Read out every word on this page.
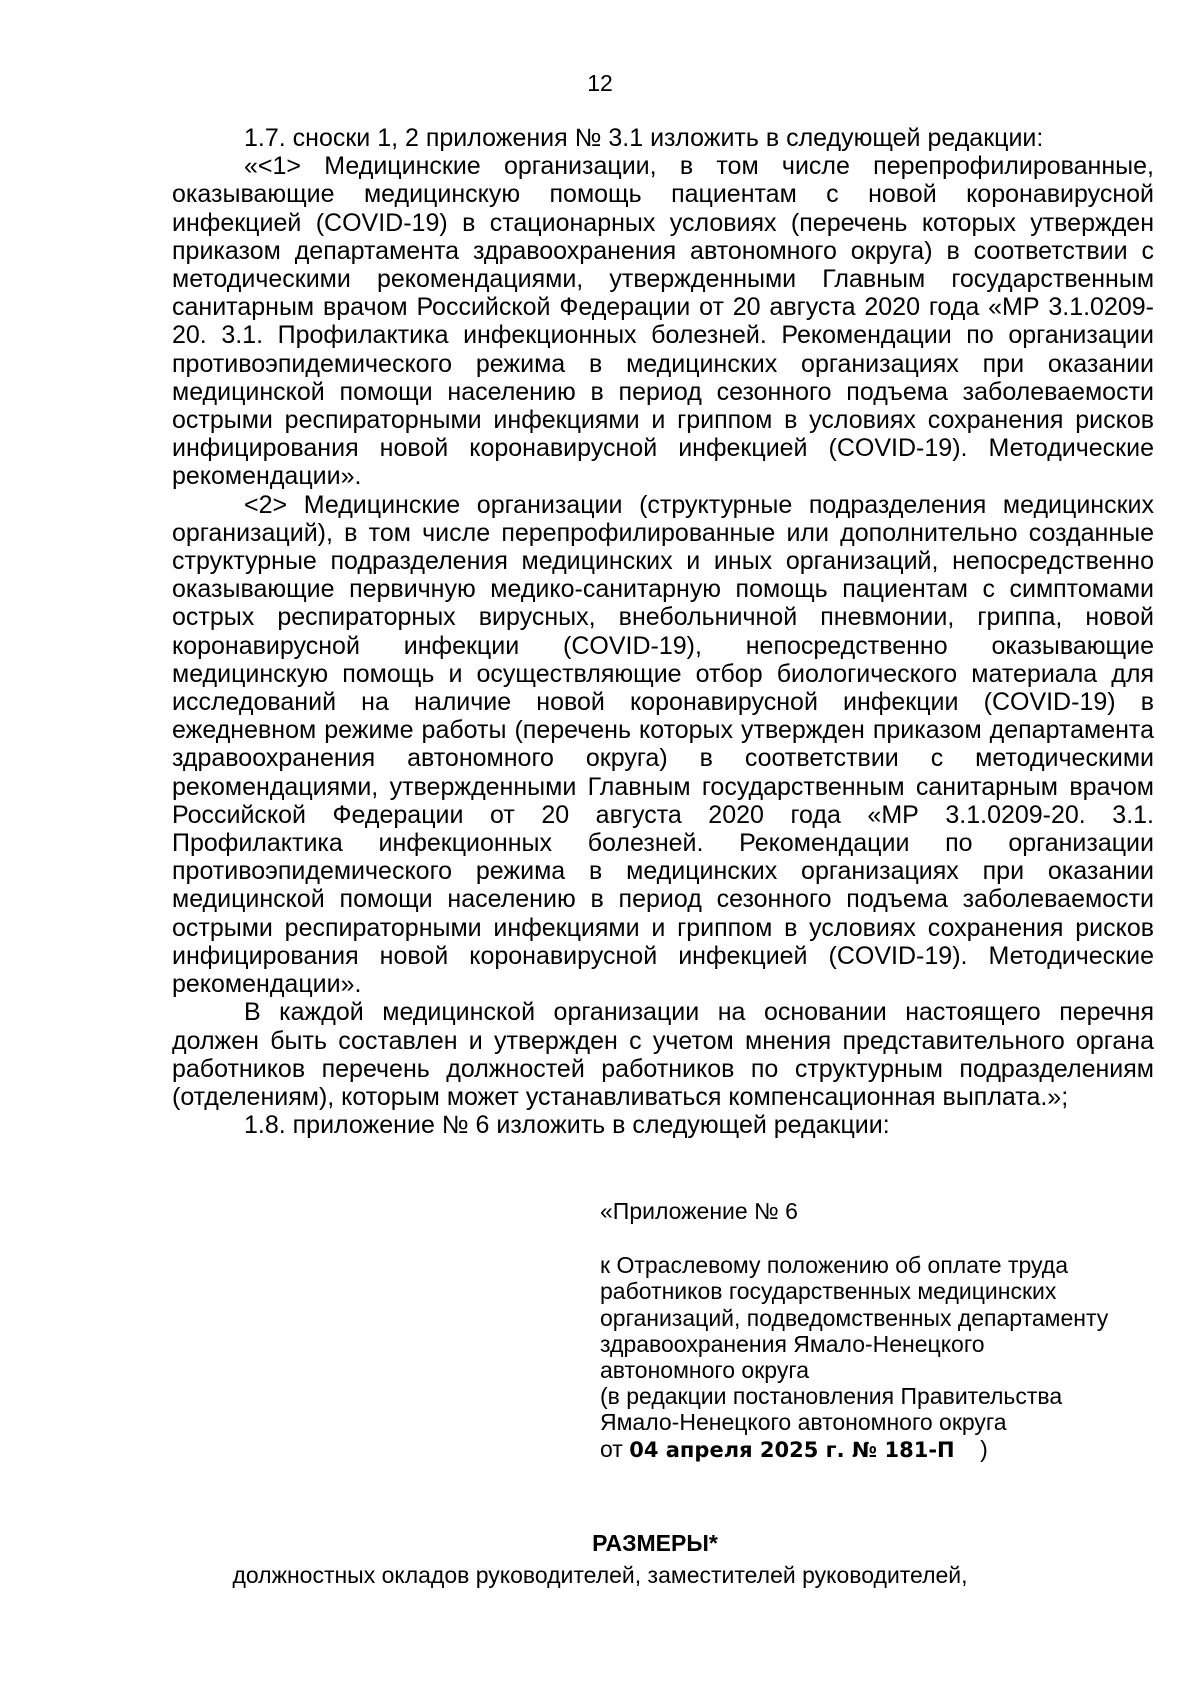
12

1.7. сноски 1, 2 приложения № 3.1 изложить в следующей редакции:

«<1> Медицинские организации, в том числе перепрофилированные, оказывающие медицинскую помощь пациентам с новой коронавирусной инфекцией (COVID-19) в стационарных условиях (перечень которых утвержден приказом департамента здравоохранения автономного округа) в соответствии с методическими рекомендациями, утвержденными Главным государственным санитарным врачом Российской Федерации от 20 августа 2020 года «МР 3.1.0209-20. 3.1. Профилактика инфекционных болезней. Рекомендации по организации противоэпидемического режима в медицинских организациях при оказании медицинской помощи населению в период сезонного подъема заболеваемости острыми респираторными инфекциями и гриппом в условиях сохранения рисков инфицирования новой коронавирусной инфекцией (COVID-19). Методические рекомендации».

<2> Медицинские организации (структурные подразделения медицинских организаций), в том числе перепрофилированные или дополнительно созданные структурные подразделения медицинских и иных организаций, непосредственно оказывающие первичную медико-санитарную помощь пациентам с симптомами острых респираторных вирусных, внебольничной пневмонии, гриппа, новой коронавирусной инфекции (COVID-19), непосредственно оказывающие медицинскую помощь и осуществляющие отбор биологического материала для исследований на наличие новой коронавирусной инфекции (COVID-19) в ежедневном режиме работы (перечень которых утвержден приказом департамента здравоохранения автономного округа) в соответствии с методическими рекомендациями, утвержденными Главным государственным санитарным врачом Российской Федерации от 20 августа 2020 года «МР 3.1.0209-20. 3.1. Профилактика инфекционных болезней. Рекомендации по организации противоэпидемического режима в медицинских организациях при оказании медицинской помощи населению в период сезонного подъема заболеваемости острыми респираторными инфекциями и гриппом в условиях сохранения рисков инфицирования новой коронавирусной инфекцией (COVID-19). Методические рекомендации».

В каждой медицинской организации на основании настоящего перечня должен быть составлен и утвержден с учетом мнения представительного органа работников перечень должностей работников по структурным подразделениям (отделениям), которым может устанавливаться компенсационная выплата.»;

1.8. приложение № 6 изложить в следующей редакции:

«Приложение № 6

к Отраслевому положению об оплате труда

работников государственных медицинских

организаций, подведомственных департаменту

здравоохранения Ямало-Ненецкого

автономного округа

(в редакции постановления Правительства

Ямало-Ненецкого автономного округа

от 04 апреля 2025 г. № 181-П )

РАЗМЕРЫ*
должностных окладов руководителей, заместителей руководителей,
